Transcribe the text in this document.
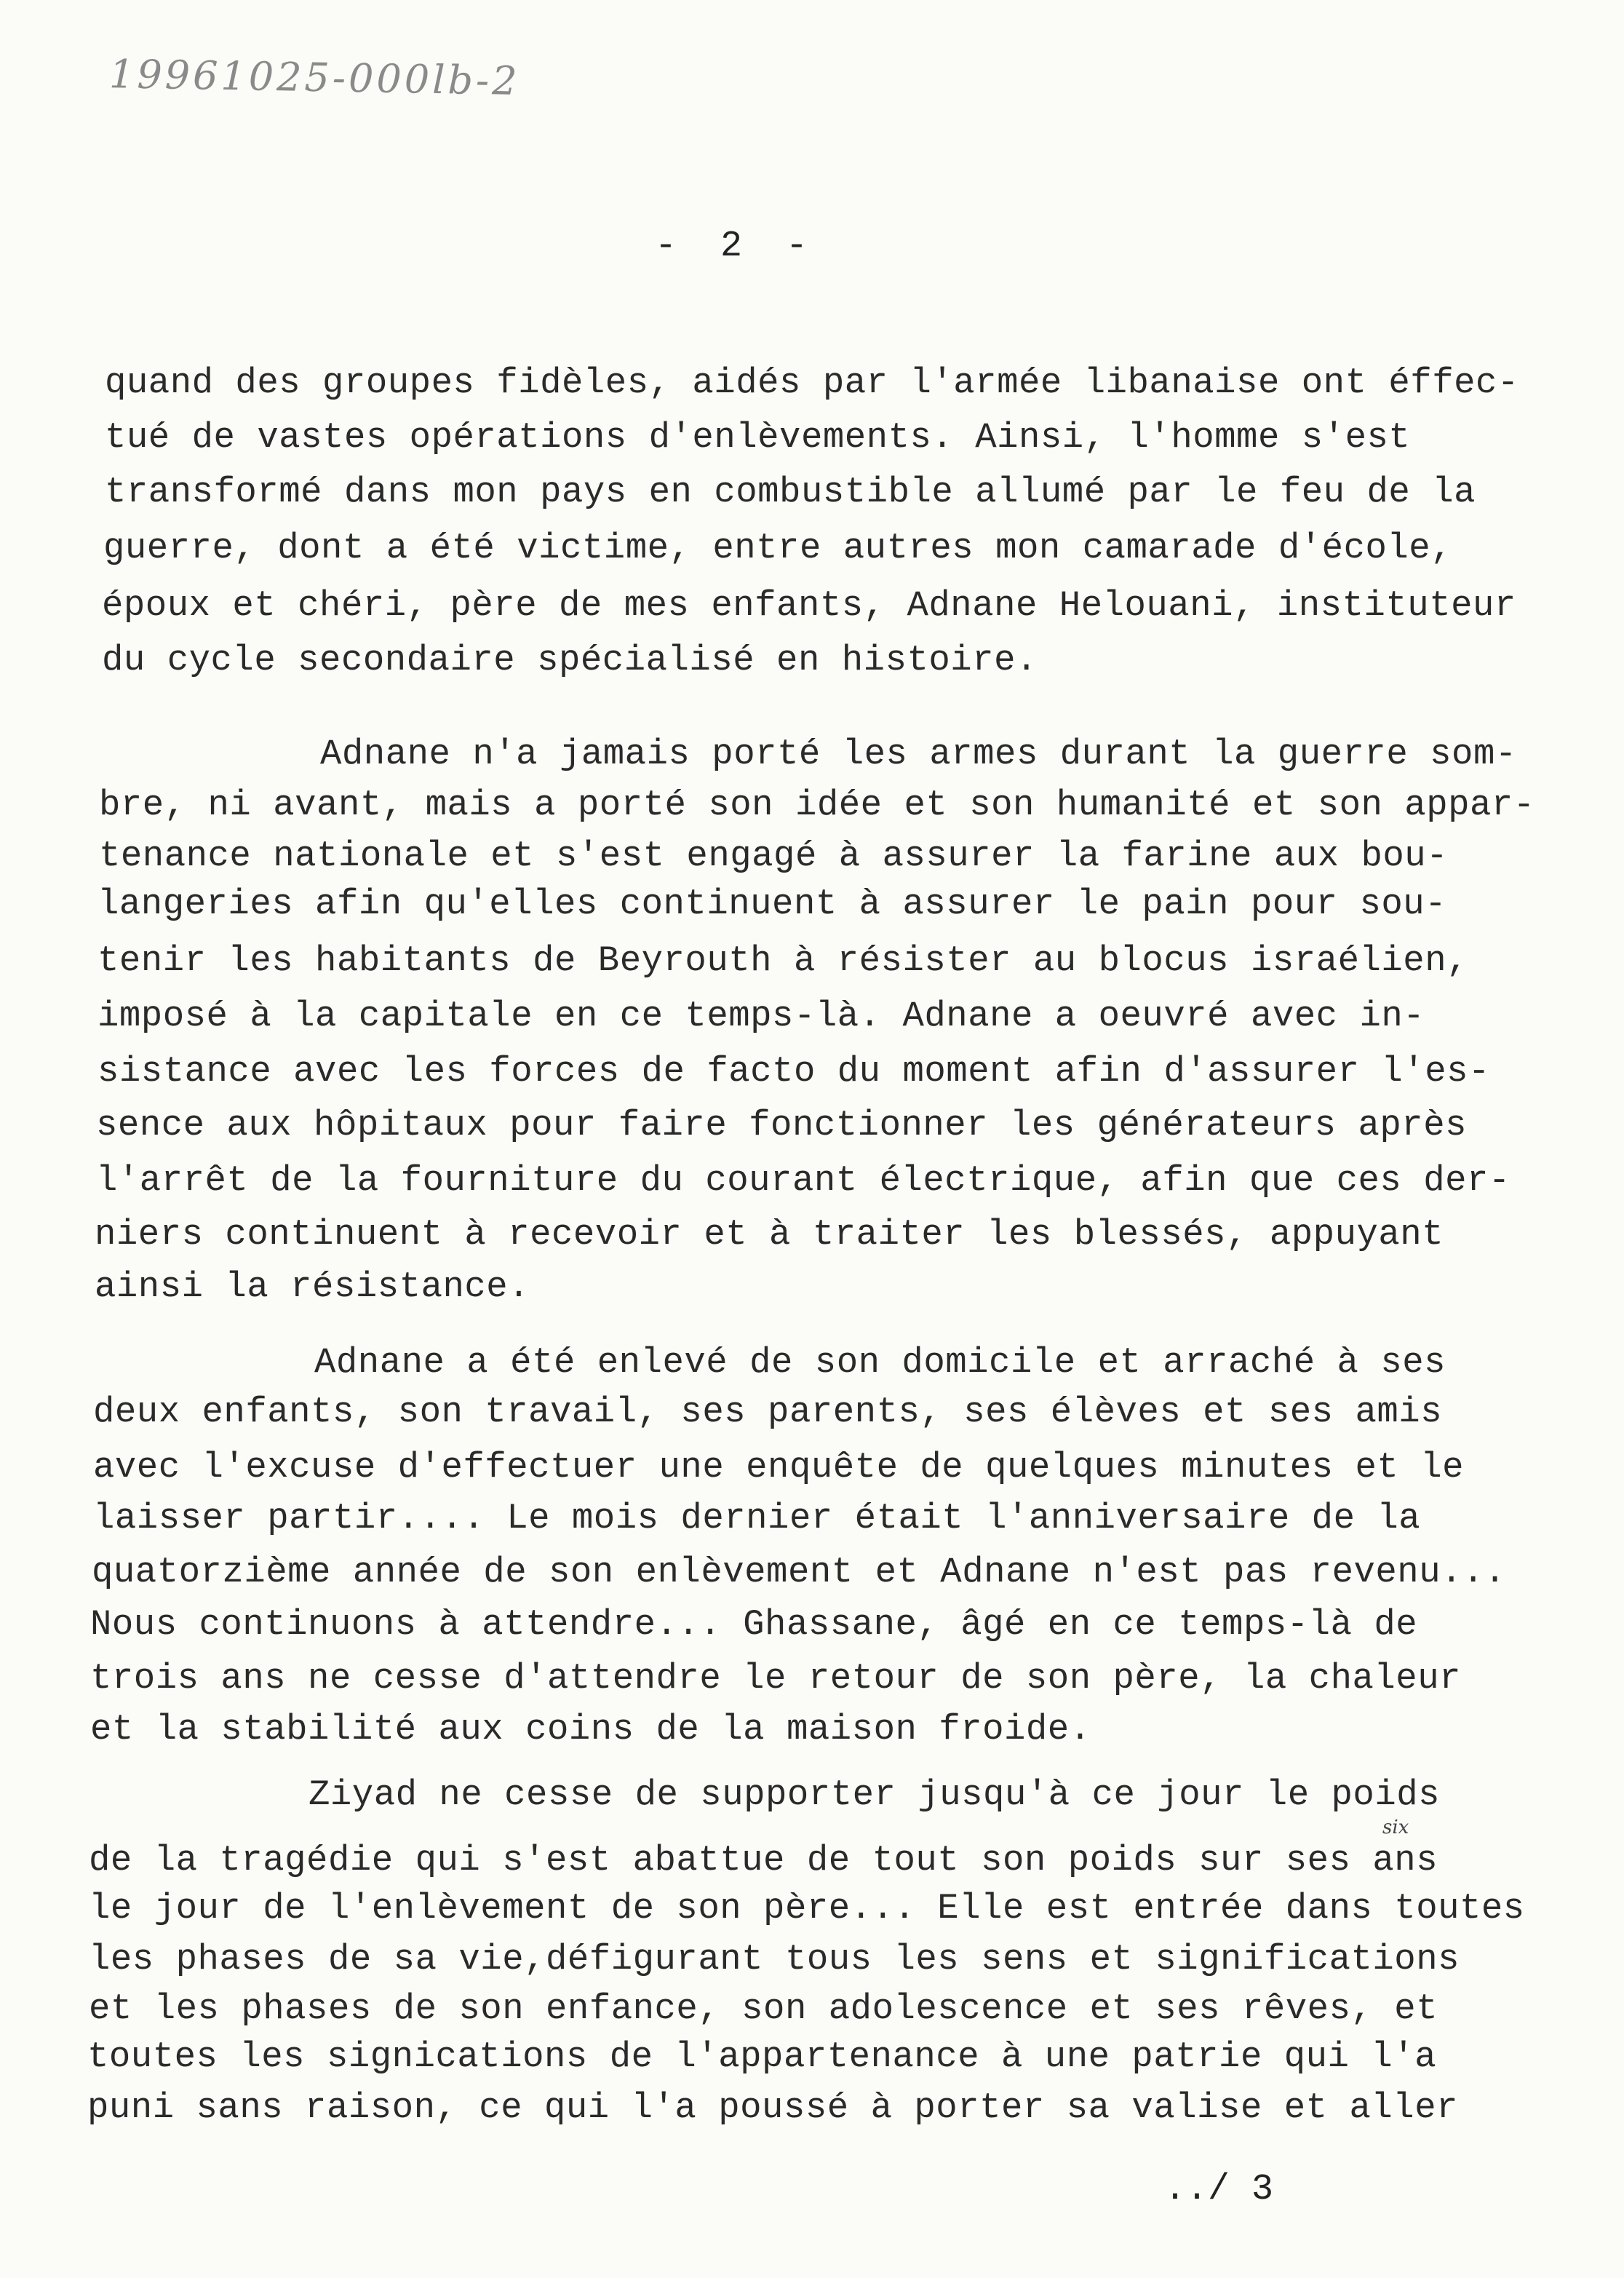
19961025-000lb-2
-  2  -
quand des groupes fidèles, aidés par l'armée libanaise ont éffec-
tué de vastes opérations d'enlèvements. Ainsi, l'homme s'est
transformé dans mon pays en combustible allumé par le feu de la
guerre, dont a été victime, entre autres mon camarade d'école,
époux et chéri, père de mes enfants, Adnane Helouani, instituteur
du cycle secondaire spécialisé en histoire.
Adnane n'a jamais porté les armes durant la guerre som-
bre, ni avant, mais a porté son idée et son humanité et son appar-
tenance nationale et s'est engagé à assurer la farine aux bou-
langeries afin qu'elles continuent à assurer le pain pour sou-
tenir les habitants de Beyrouth à résister au blocus israélien,
imposé à la capitale en ce temps-là. Adnane a oeuvré avec in-
sistance avec les forces de facto du moment afin d'assurer l'es-
sence aux hôpitaux pour faire fonctionner les générateurs après
l'arrêt de la fourniture du courant électrique, afin que ces der-
niers continuent à recevoir et à traiter les blessés, appuyant
ainsi la résistance.
Adnane a été enlevé de son domicile et arraché à ses
deux enfants, son travail, ses parents, ses élèves et ses amis
avec l'excuse d'effectuer une enquête de quelques minutes et le
laisser partir.... Le mois dernier était l'anniversaire de la
quatorzième année de son enlèvement et Adnane n'est pas revenu...
Nous continuons à attendre... Ghassane, âgé en ce temps-là de
trois ans ne cesse d'attendre le retour de son père, la chaleur
et la stabilité aux coins de la maison froide.
Ziyad ne cesse de supporter jusqu'à ce jour le poids
six
de la tragédie qui s'est abattue de tout son poids sur ses ans
le jour de l'enlèvement de son père... Elle est entrée dans toutes
les phases de sa vie,défigurant tous les sens et significations
et les phases de son enfance, son adolescence et ses rêves, et
toutes les signications de l'appartenance à une patrie qui l'a
puni sans raison, ce qui l'a poussé à porter sa valise et aller
../ 3
